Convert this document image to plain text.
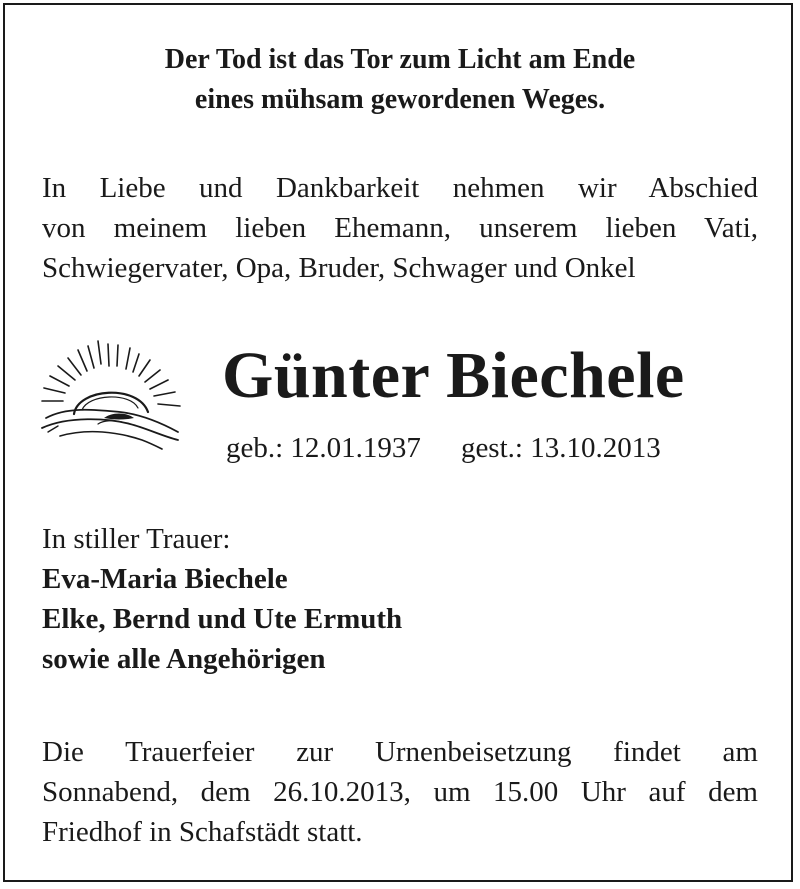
Der Tod ist das Tor zum Licht am Ende
eines mühsam gewordenen Weges.
In Liebe und Dankbarkeit nehmen wir Abschied
von meinem lieben Ehemann, unserem lieben Vati,
Schwiegervater, Opa, Bruder, Schwager und Onkel
Günter Biechele
geb.: 12.01.1937 gest.: 13.10.2013
In stiller Trauer:
Eva-Maria Biechele
Elke, Bernd und Ute Ermuth
sowie alle Angehörigen
Die Trauerfeier zur Urnenbeisetzung findet am
Sonnabend, dem 26.10.2013, um 15.00 Uhr auf dem
Friedhof in Schafstädt statt.
